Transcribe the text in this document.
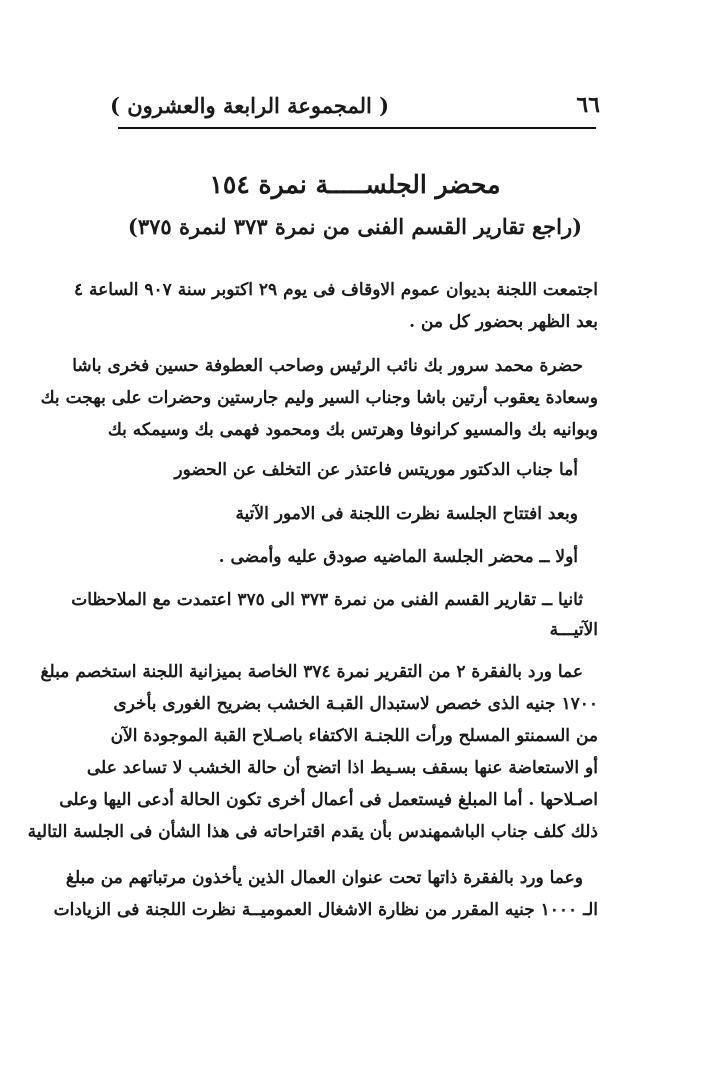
٦٦
( المجموعة الرابعة والعشرون )
محضر الجلســـــة نمرة ١٥٤
(راجع تقارير القسم الفنى من نمرة ٣٧٣ لنمرة ٣٧٥)
اجتمعت اللجنة بديوان عموم الاوقاف فى يوم ٢٩ اكتوبر سنة ٩٠٧ الساعة ٤
بعد الظهر بحضور كل من .
حضرة محمد سرور بك نائب الرئيس وصاحب العطوفة حسين فخرى باشا
وسعادة يعقوب أرتين باشا وجناب السير وليم جارستين وحضرات على بهجت بك
وبوانيه بك والمسيو كرانوفا وهرتس بك ومحمود فهمى بك وسيمكه بك
أما جناب الدكتور موريتس فاعتذر عن التخلف عن الحضور
وبعد افتتاح الجلسة نظرت اللجنة فى الامور الآتية
أولا ــ محضر الجلسة الماضيه صودق عليه وأمضى .
ثانيا ــ تقارير القسم الفنى من نمرة ٣٧٣ الى ٣٧٥ اعتمدت مع الملاحظات
الآتيـــة
عما ورد بالفقرة ٢ من التقرير نمرة ٣٧٤ الخاصة بميزانية اللجنة استخصم مبلغ
١٧٠٠ جنيه الذى خصص لاستبدال القبـة الخشب بضريح الغورى بأخرى
من السمنتو المسلح ورأت اللجنـة الاكتفاء باصـلاح القبة الموجودة الآن
أو الاستعاضة عنها بسقف بسـيط اذا اتضح أن حالة الخشب لا تساعد على
اصـلاحها . أما المبلغ فيستعمل فى أعمال أخرى تكون الحالة أدعى اليها وعلى
ذلك كلف جناب الباشمهندس بأن يقدم اقتراحاته فى هذا الشأن فى الجلسة التالية
وعما ورد بالفقرة ذاتها تحت عنوان العمال الذين يأخذون مرتباتهم من مبلغ
الـ ١٠٠٠ جنيه المقرر من نظارة الاشغال العموميــة نظرت اللجنة فى الزيادات
